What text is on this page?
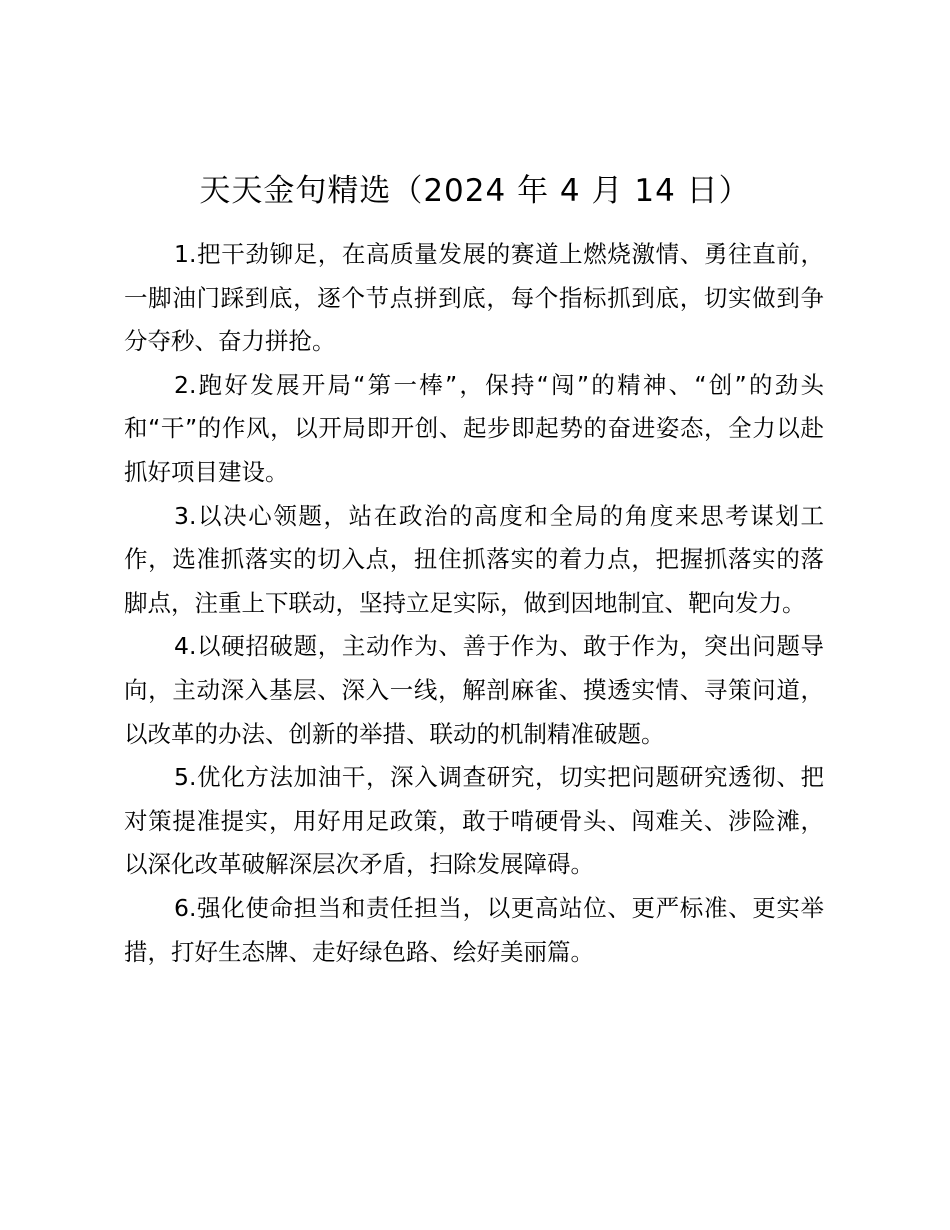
天天金句精选（2024 年 4 月 14 日）

1.把干劲铆足，在高质量发展的赛道上燃烧激情、勇往直前，一脚油门踩到底，逐个节点拼到底，每个指标抓到底，切实做到争分夺秒、奋力拼抢。

2.跑好发展开局“第一棒”，保持“闯”的精神、“创”的劲头和“干”的作风，以开局即开创、起步即起势的奋进姿态，全力以赴抓好项目建设。

3.以决心领题，站在政治的高度和全局的角度来思考谋划工作，选准抓落实的切入点，扭住抓落实的着力点，把握抓落实的落脚点，注重上下联动，坚持立足实际，做到因地制宜、靶向发力。

4.以硬招破题，主动作为、善于作为、敢于作为，突出问题导向，主动深入基层、深入一线，解剖麻雀、摸透实情、寻策问道，以改革的办法、创新的举措、联动的机制精准破题。

5.优化方法加油干，深入调查研究，切实把问题研究透彻、把对策提准提实，用好用足政策，敢于啃硬骨头、闯难关、涉险滩，以深化改革破解深层次矛盾，扫除发展障碍。

6.强化使命担当和责任担当，以更高站位、更严标准、更实举措，打好生态牌、走好绿色路、绘好美丽篇。
